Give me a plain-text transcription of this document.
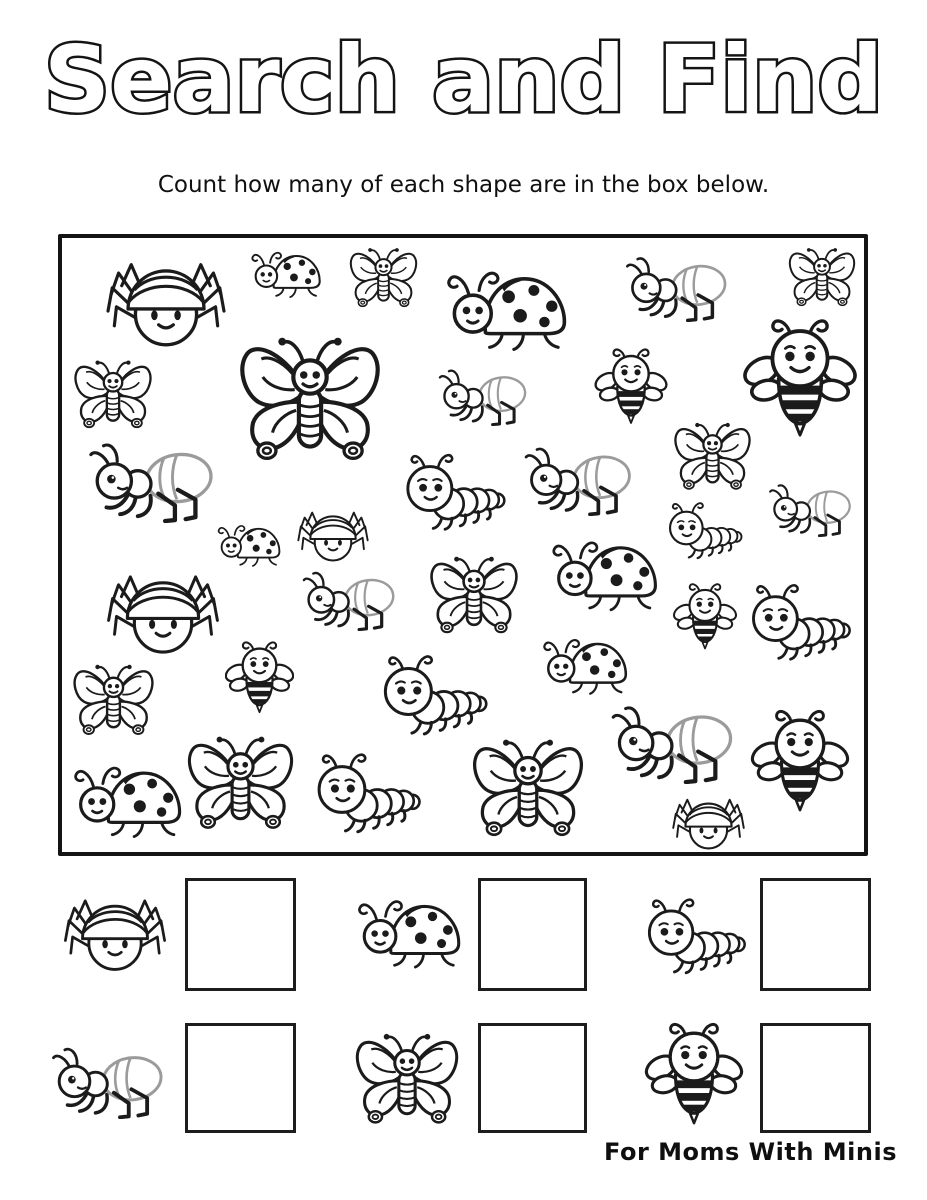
Search and Find

Count how many of each shape are in the box below.

For Moms With Minis
